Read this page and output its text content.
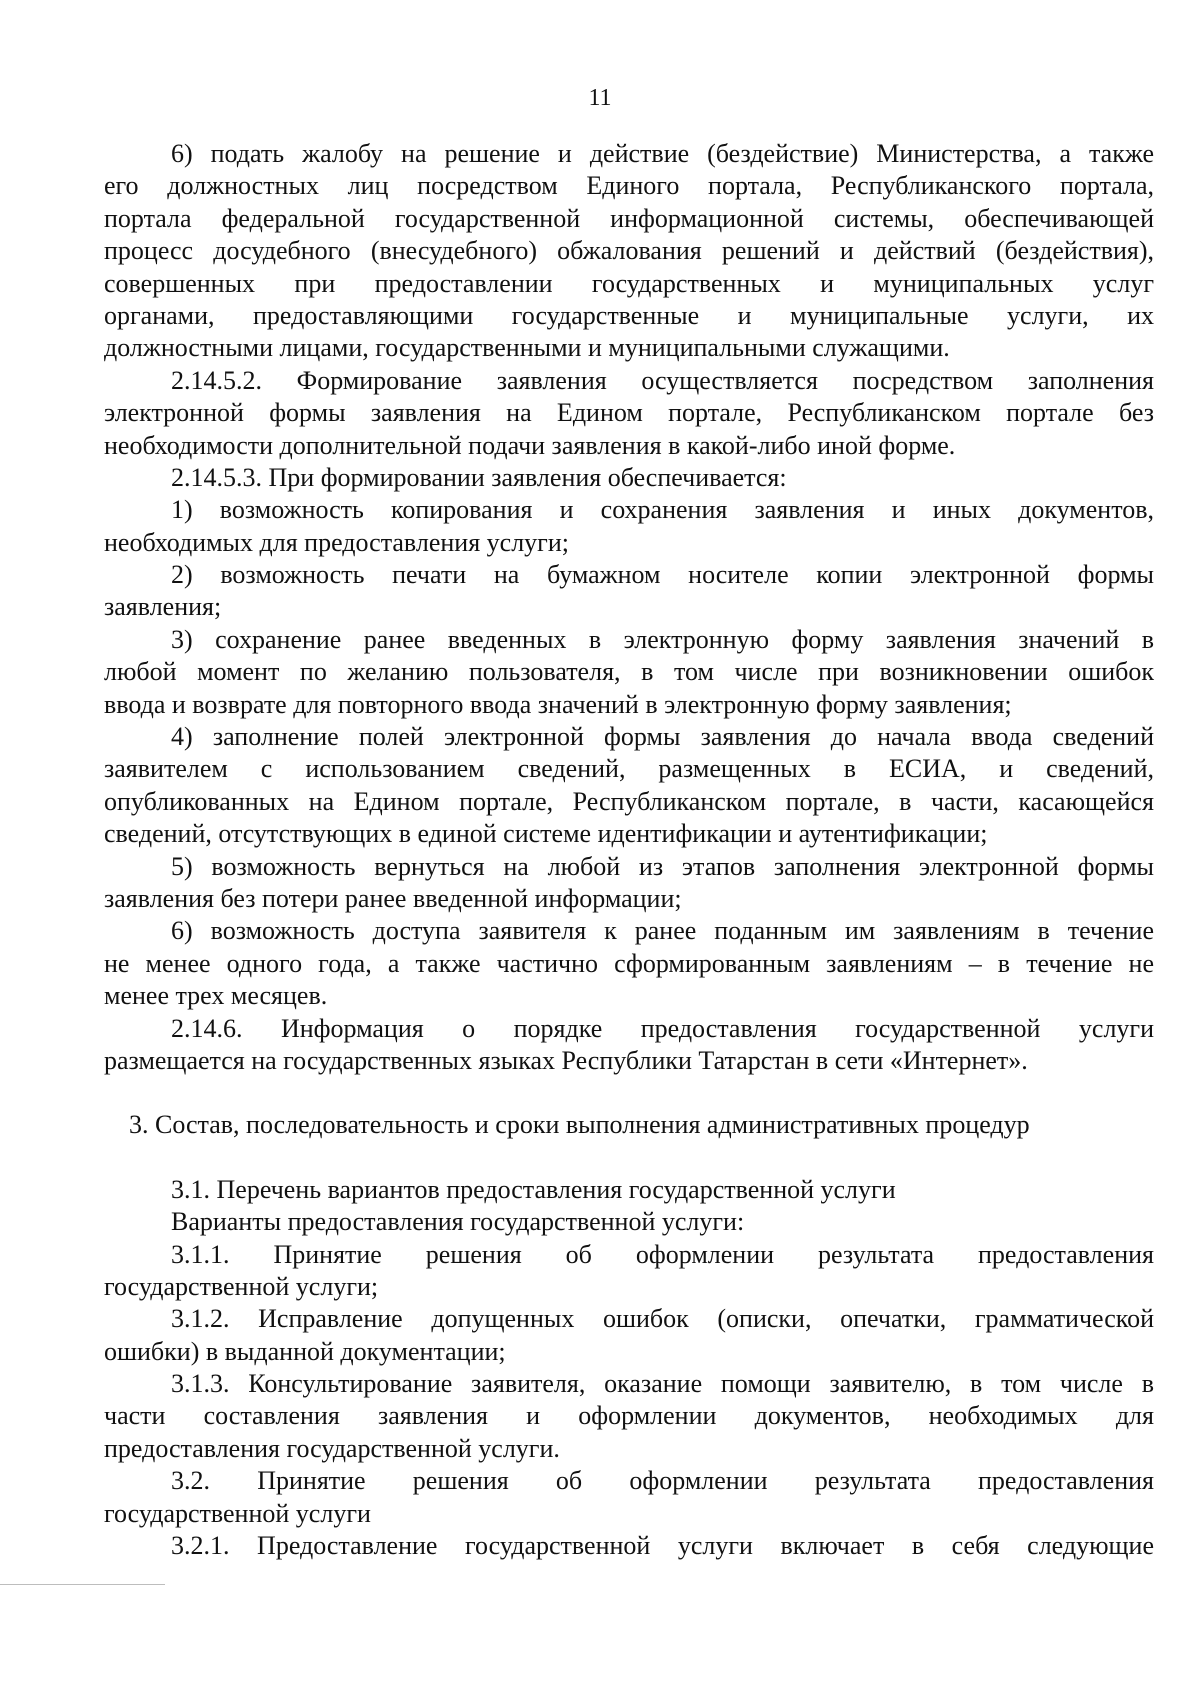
11
6) подать жалобу на решение и действие (бездействие) Министерства, а также
его должностных лиц посредством Единого портала, Республиканского портала,
портала федеральной государственной информационной системы, обеспечивающей
процесс досудебного (внесудебного) обжалования решений и действий (бездействия),
совершенных при предоставлении государственных и муниципальных услуг
органами, предоставляющими государственные и муниципальные услуги, их
должностными лицами, государственными и муниципальными служащими.
2.14.5.2. Формирование заявления осуществляется посредством заполнения
электронной формы заявления на Едином портале, Республиканском портале без
необходимости дополнительной подачи заявления в какой-либо иной форме.
2.14.5.3. При формировании заявления обеспечивается:
1) возможность копирования и сохранения заявления и иных документов,
необходимых для предоставления услуги;
2) возможность печати на бумажном носителе копии электронной формы
заявления;
3) сохранение ранее введенных в электронную форму заявления значений в
любой момент по желанию пользователя, в том числе при возникновении ошибок
ввода и возврате для повторного ввода значений в электронную форму заявления;
4) заполнение полей электронной формы заявления до начала ввода сведений
заявителем с использованием сведений, размещенных в ЕСИА, и сведений,
опубликованных на Едином портале, Республиканском портале, в части, касающейся
сведений, отсутствующих в единой системе идентификации и аутентификации;
5) возможность вернуться на любой из этапов заполнения электронной формы
заявления без потери ранее введенной информации;
6) возможность доступа заявителя к ранее поданным им заявлениям в течение
не менее одного года, а также частично сформированным заявлениям – в течение не
менее трех месяцев.
2.14.6. Информация о порядке предоставления государственной услуги
размещается на государственных языках Республики Татарстан в сети «Интернет».
3. Состав, последовательность и сроки выполнения административных процедур
3.1. Перечень вариантов предоставления государственной услуги
Варианты предоставления государственной услуги:
3.1.1. Принятие решения об оформлении результата предоставления
государственной услуги;
3.1.2. Исправление допущенных ошибок (описки, опечатки, грамматической
ошибки) в выданной документации;
3.1.3. Консультирование заявителя, оказание помощи заявителю, в том числе в
части составления заявления и оформлении документов, необходимых для
предоставления государственной услуги.
3.2. Принятие решения об оформлении результата предоставления
государственной услуги
3.2.1. Предоставление государственной услуги включает в себя следующие
